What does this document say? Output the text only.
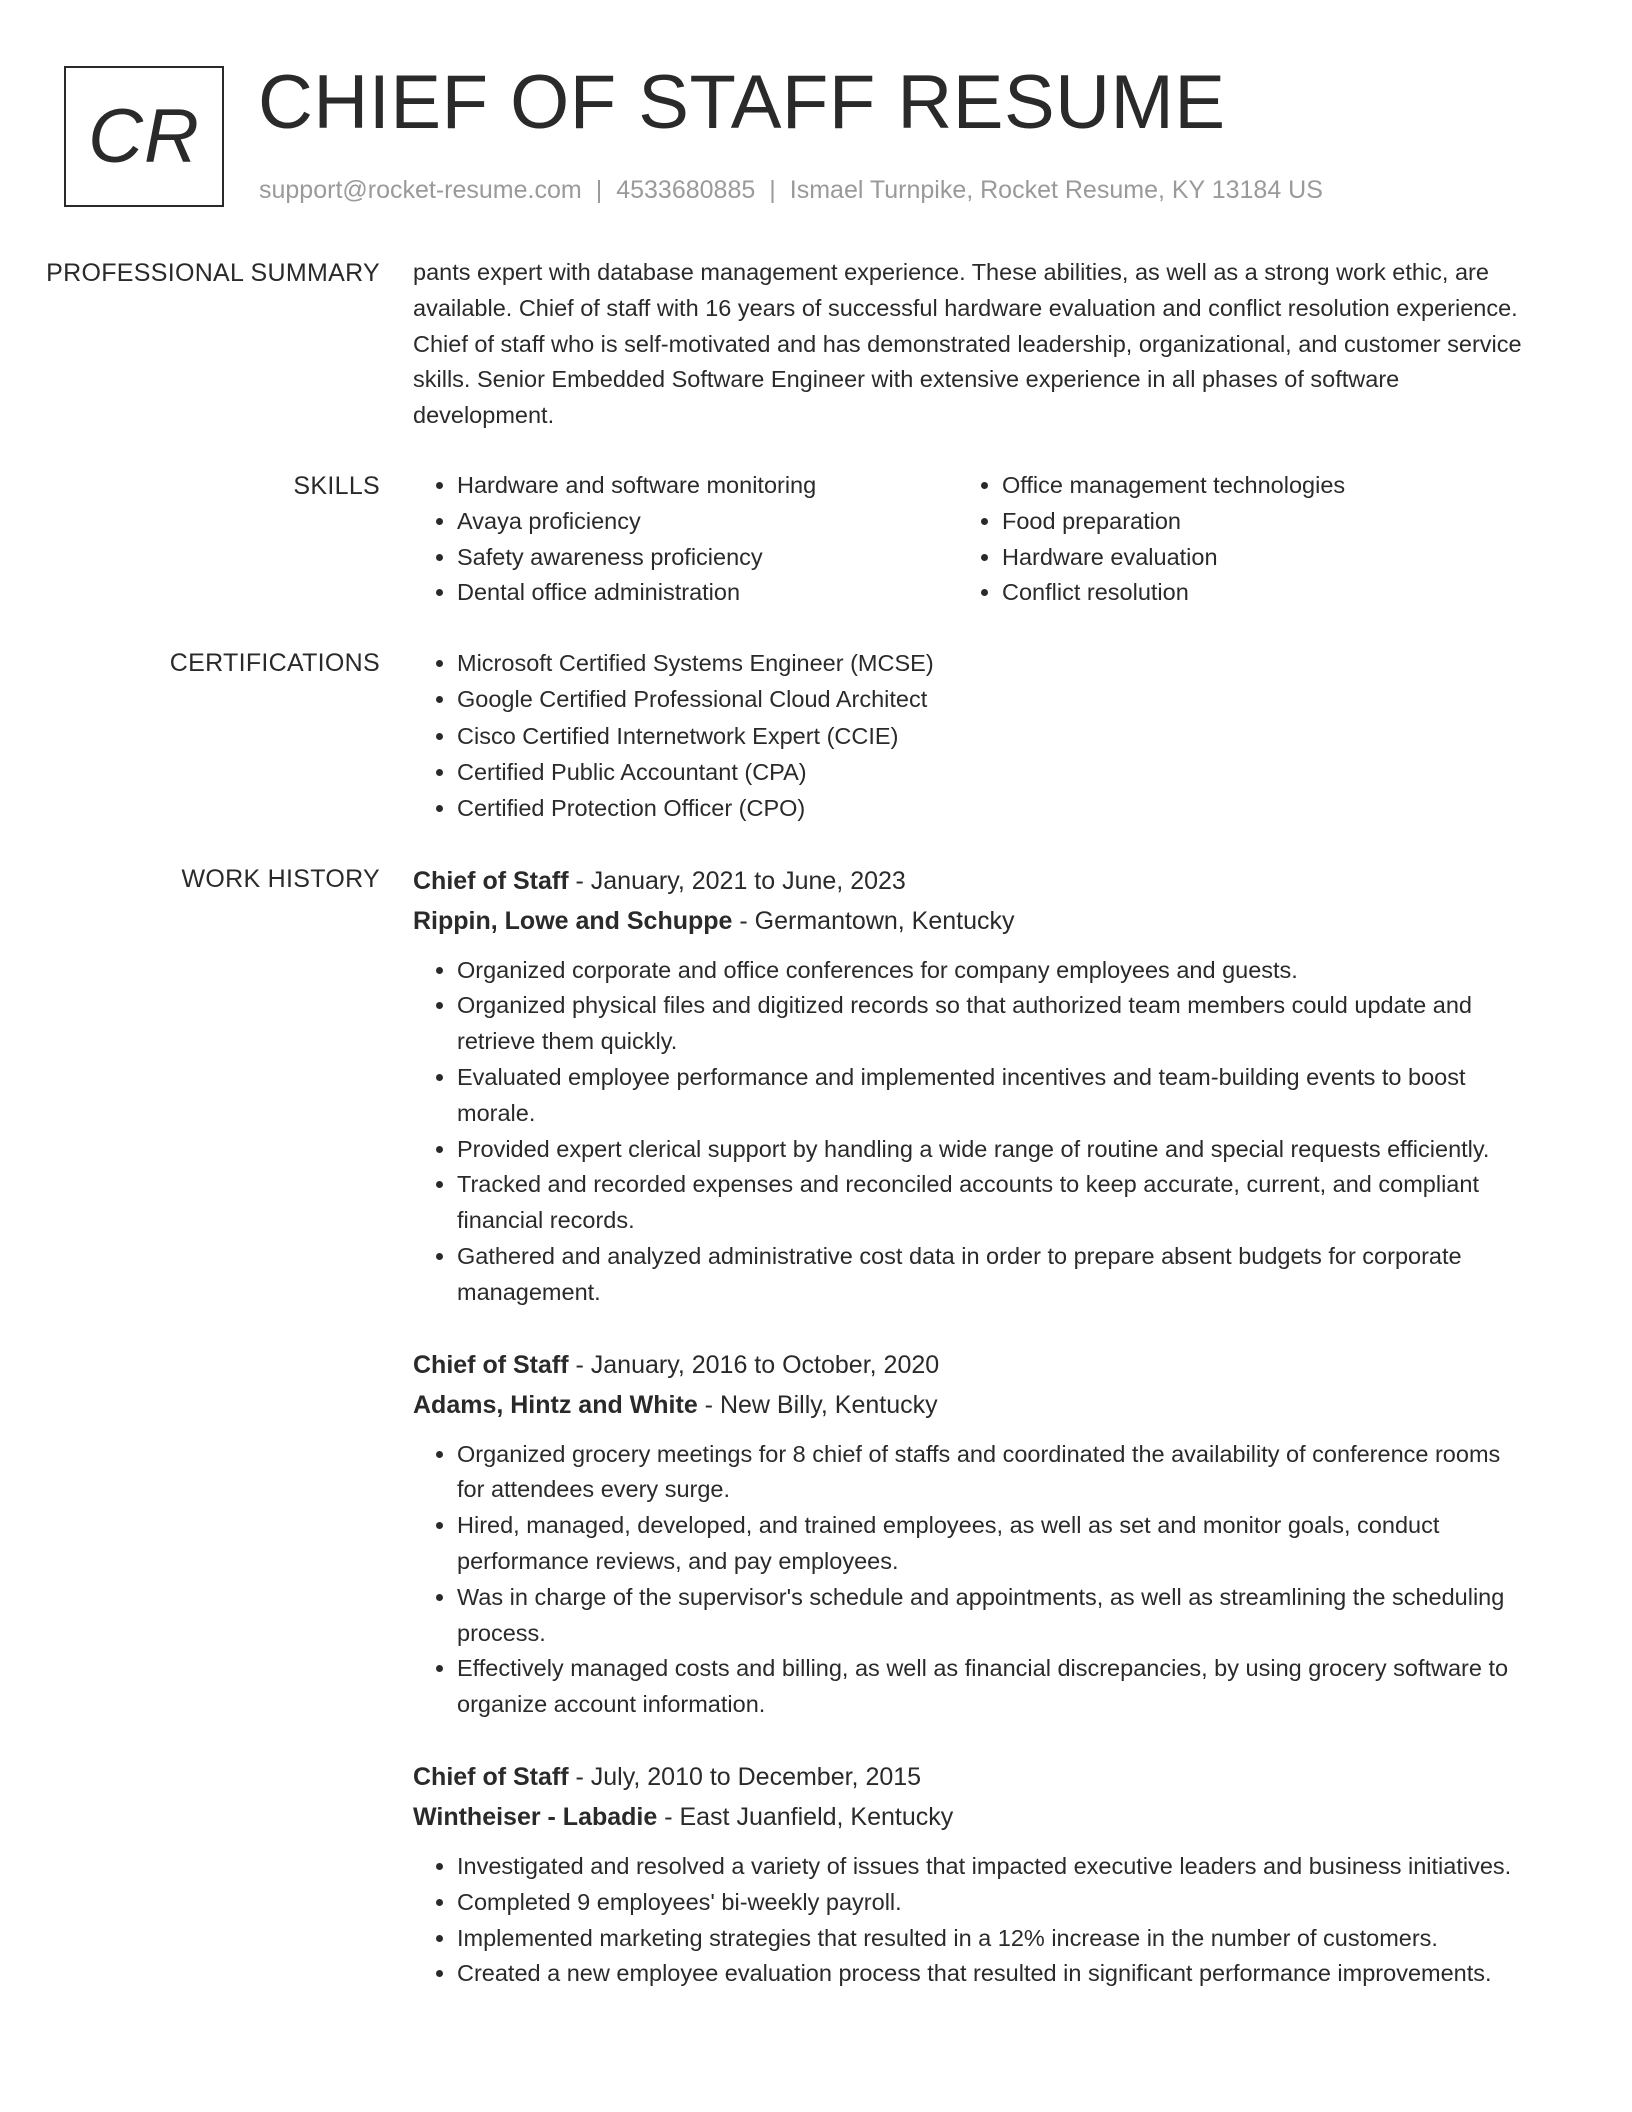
CR CHIEF OF STAFF RESUME
support@rocket-resume.com | 4533680885 | Ismael Turnpike, Rocket Resume, KY 13184 US
PROFESSIONAL SUMMARY	pants expert with database management experience. These abilities, as well as a strong work ethic, are available. Chief of staff with 16 years of successful hardware evaluation and conflict resolution experience. Chief of staff who is self-motivated and has demonstrated leadership, organizational, and customer service skills. Senior Embedded Software Engineer with extensive experience in all phases of software development.

SKILLS	• Hardware and software monitoring
• Avaya proficiency
• Safety awareness proficiency
• Dental office administration
• Office management technologies
• Food preparation
• Hardware evaluation
• Conflict resolution
CERTIFICATIONS	• Microsoft Certified Systems Engineer (MCSE)
• Google Certified Professional Cloud Architect
• Cisco Certified Internetwork Expert (CCIE)
• Certified Public Accountant (CPA)
• Certified Protection Officer (CPO)
WORK HISTORY	Chief of Staff - January, 2021 to June, 2023
Rippin, Lowe and Schuppe - Germantown, Kentucky
• Organized corporate and office conferences for company employees and guests.
• Organized physical files and digitized records so that authorized team members could update and retrieve them quickly.
• Evaluated employee performance and implemented incentives and team-building events to boost morale.
• Provided expert clerical support by handling a wide range of routine and special requests efficiently.
• Tracked and recorded expenses and reconciled accounts to keep accurate, current, and compliant financial records.
• Gathered and analyzed administrative cost data in order to prepare absent budgets for corporate management.
Chief of Staff - January, 2016 to October, 2020
Adams, Hintz and White - New Billy, Kentucky
• Organized grocery meetings for 8 chief of staffs and coordinated the availability of conference rooms for attendees every surge.
• Hired, managed, developed, and trained employees, as well as set and monitor goals, conduct performance reviews, and pay employees.
• Was in charge of the supervisor's schedule and appointments, as well as streamlining the scheduling process.
• Effectively managed costs and billing, as well as financial discrepancies, by using grocery software to organize account information.
Chief of Staff - July, 2010 to December, 2015
Wintheiser - Labadie - East Juanfield, Kentucky
• Investigated and resolved a variety of issues that impacted executive leaders and business initiatives.
• Completed 9 employees' bi-weekly payroll.
• Implemented marketing strategies that resulted in a 12% increase in the number of customers.
• Created a new employee evaluation process that resulted in significant performance improvements.
